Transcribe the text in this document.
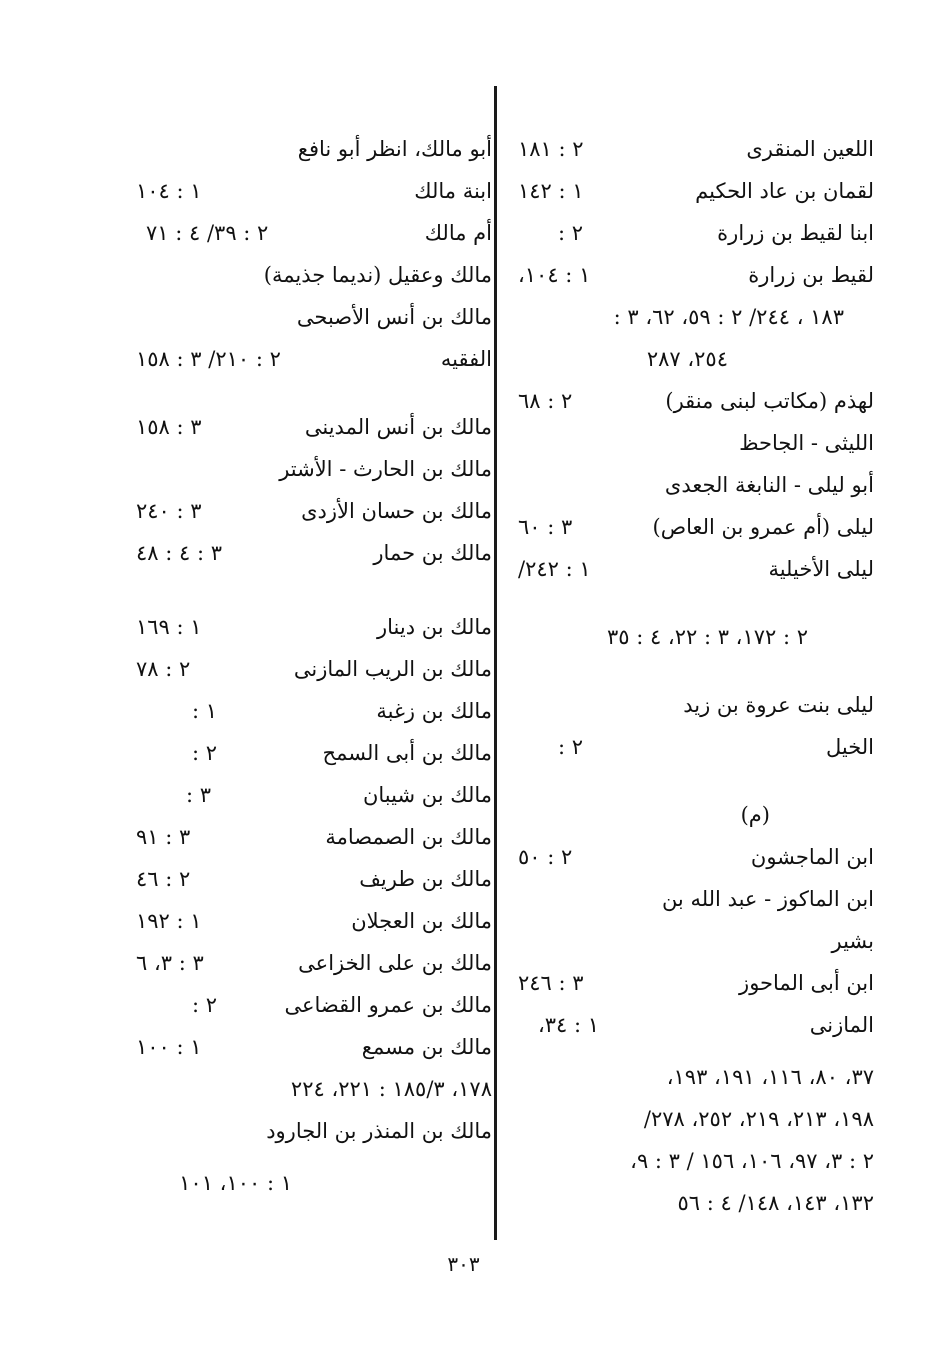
اللعين المنقرى
٢ : ١٨١
لقمان بن عاد الحكيم
١ : ١٤٢
ابنا لقيط بن زرارة
٢ :
لقيط بن زرارة
١ : ١٠٤،
١٨٣ ، ٢٤٤/ ٢ : ٥٩، ٦٢، ٣ :
٢٥٤، ٢٨٧
لهذم (مكاتب لبنى منقر)
٢ : ٦٨
الليثى - الجاحظ
أبو ليلى - النابغة الجعدى
ليلى (أم عمرو بن العاص)
٣ : ٦٠
ليلى الأخيلية
١ : ٢٤٢/
٢ : ١٧٢، ٣ : ٢٢، ٤ : ٣٥
ليلى بنت عروة بن زيد
الخيل
٢ :
(م)
ابن الماجشون
٢ : ٥٠
ابن الماكوز - عبد الله بن
بشير
ابن أبى الماحوز
٣ : ٢٤٦
المازنى
١ : ٣٤،
٣٧، ٨٠، ١١٦، ١٩١، ١٩٣،
١٩٨، ٢١٣، ٢١٩، ٢٥٢، ٢٧٨/
٢ : ٣، ٩٧، ١٠٦، ١٥٦ / ٣ : ٩،
١٣٢، ١٤٣، ١٤٨/ ٤ : ٥٦
أبو مالك، انظر أبو نافع
ابنة مالك
١ : ١٠٤
أم مالك
٢ : ٣٩/ ٤ : ٧١
مالك وعقيل (نديما جذيمة)
مالك بن أنس الأصبحى
الفقيه
٢ : ٢١٠/ ٣ : ١٥٨
مالك بن أنس المدينى
٣ : ١٥٨
مالك بن الحارث - الأشتر
مالك بن حسان الأزدى
٣ : ٢٤٠
مالك بن حمار
٣ : ٤ : ٤٨
مالك بن دينار
١ : ١٦٩
مالك بن الريب المازنى
٢ : ٧٨
مالك بن زغبة
١ :
مالك بن أبى السمح
٢ :
مالك بن شيبان
٣ :
مالك بن الصمصامة
٣ : ٩١
مالك بن طريف
٢ : ٤٦
مالك بن العجلان
١ : ١٩٢
مالك بن على الخزاعى
٣ : ٣، ٦
مالك بن عمرو القضاعى
٢ :
مالك بن مسمع
١ : ١٠٠
١٧٨، ١٨٥/٣ : ٢٢١، ٢٢٤
مالك بن المنذر بن الجارود
١ : ١٠٠، ١٠١
٣٠٣
